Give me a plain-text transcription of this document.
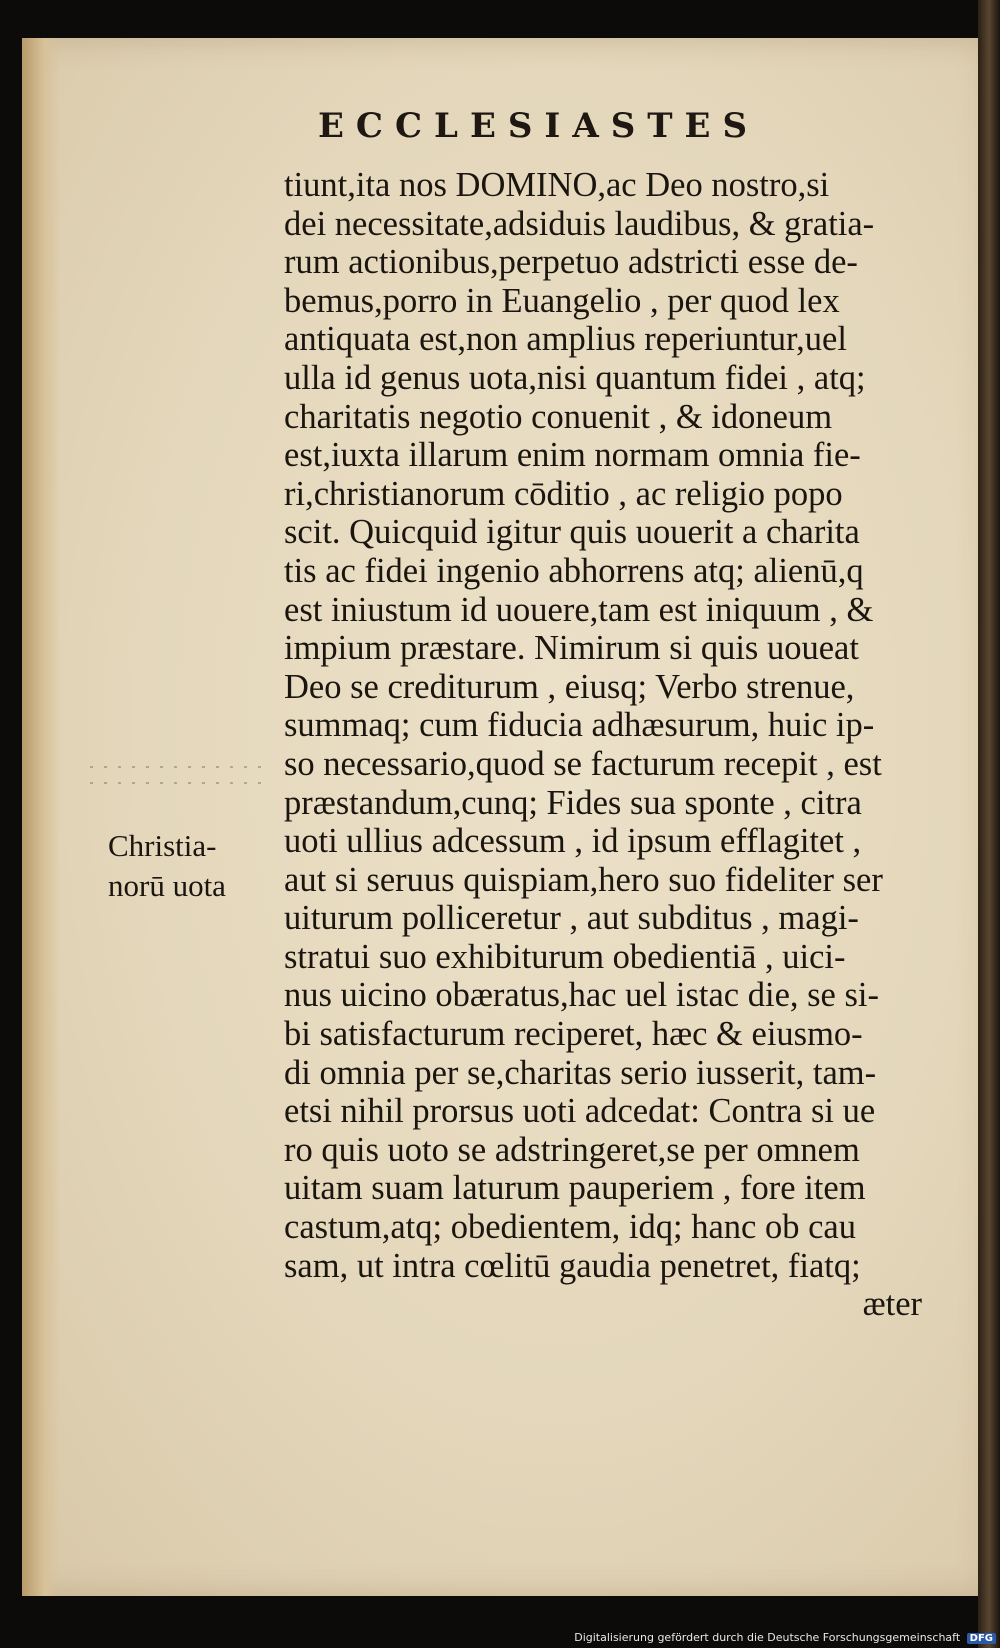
ECCLESIASTES
tiunt,ita nos DOMINO,ac Deo nostro,si
dei necessitate,adsiduis laudibus, & gratia-
rum actionibus,perpetuo adstricti esse de-
bemus,porro in Euangelio , per quod lex
antiquata est,non amplius reperiuntur,uel
ulla id genus uota,nisi quantum fidei , atq;
charitatis negotio conuenit , & idoneum
est,iuxta illarum enim normam omnia fie-
ri,christianorum cōditio , ac religio popo
scit. Quicquid igitur quis uouerit a charita
tis ac fidei ingenio abhorrens atq; alienū,q
est iniustum id uouere,tam est iniquum , &
impium præstare. Nimirum si quis uoueat
Deo se crediturum , eiusq; Verbo strenue,
summaq; cum fiducia adhæsurum, huic ip-
so necessario,quod se facturum recepit , est
præstandum,cunq; Fides sua sponte , citra
uoti ullius adcessum , id ipsum efflagitet ,
aut si seruus quispiam,hero suo fideliter ser
uiturum polliceretur , aut subditus , magi-
stratui suo exhibiturum obedientiā , uici-
nus uicino obæratus,hac uel istac die, se si-
bi satisfacturum reciperet, hæc & eiusmo-
di omnia per se,charitas serio iusserit, tam-
etsi nihil prorsus uoti adcedat: Contra si ue
ro quis uoto se adstringeret,se per omnem
uitam suam laturum pauperiem , fore item
castum,atq; obedientem, idq; hanc ob cau
sam, ut intra cœlitū gaudia penetret, fiatq;
æter
Christia-
norū uota
Digitalisierung gefördert durch die Deutsche Forschungsgemeinschaft DFG
